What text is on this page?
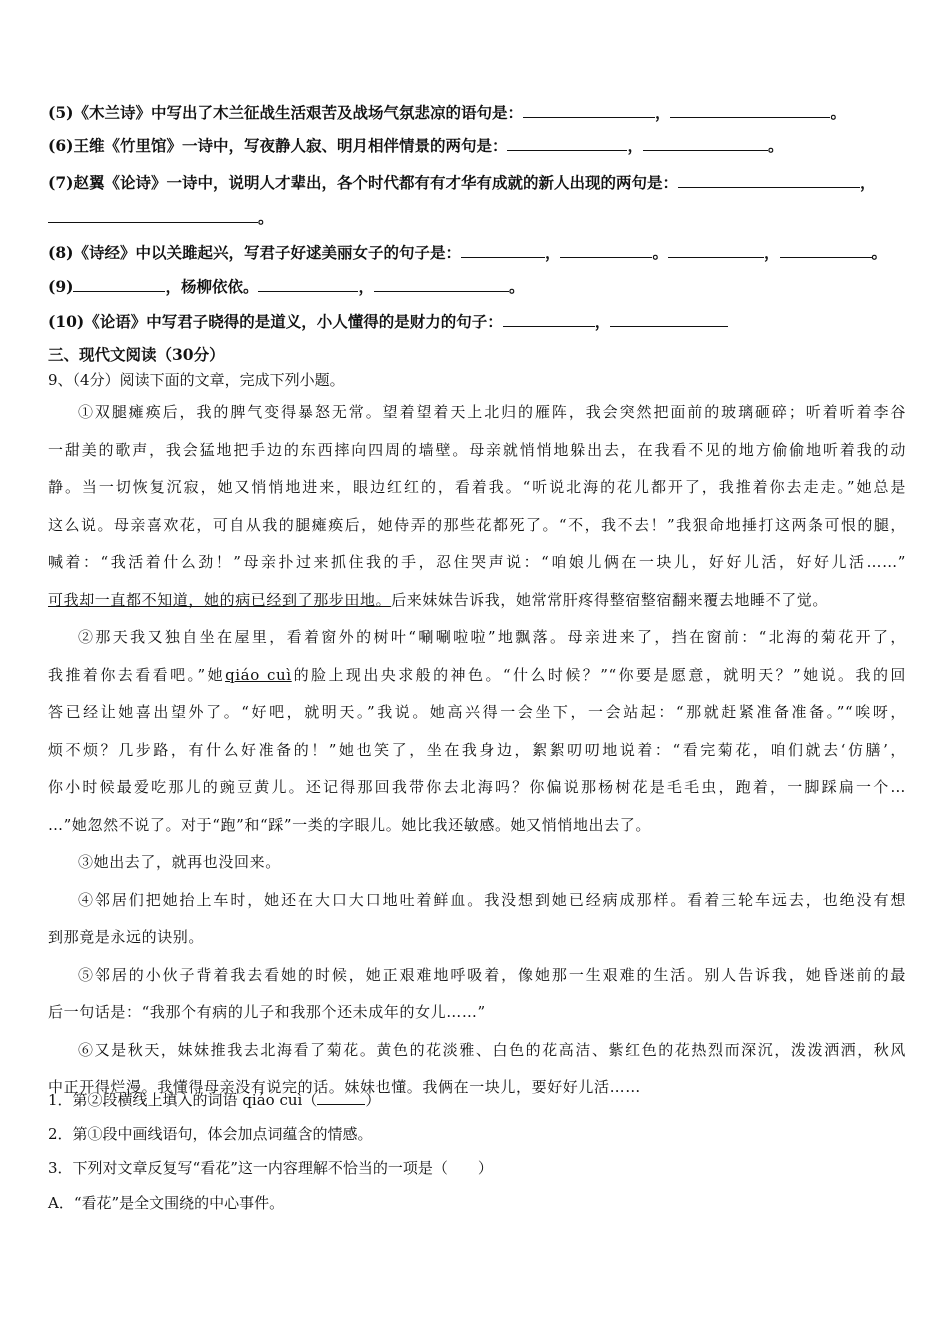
(5)《木兰诗》中写出了木兰征战生活艰苦及战场气氛悲凉的语句是：	，	。
(6)王维《竹里馆》一诗中，写夜静人寂、明月相伴情景的两句是：	，	。
(7)赵翼《论诗》一诗中，说明人才辈出，各个时代都有有才华有成就的新人出现的两句是：	，
。
(8)《诗经》中以关雎起兴，写君子好逑美丽女子的句子是：	，	。	，	。
(9)	，杨柳依依。	，	。
(10)《论语》中写君子晓得的是道义，小人懂得的是财力的句子：	，
三、现代文阅读（30分）
9、（4分）阅读下面的文章，完成下列小题。
①双腿瘫痪后，我的脾气变得暴怒无常。望着望着天上北归的雁阵，我会突然把面前的玻璃砸碎；听着听着李谷
一甜美的歌声，我会猛地把手边的东西摔向四周的墙壁。母亲就悄悄地躲出去，在我看不见的地方偷偷地听着我的动
静。当一切恢复沉寂，她又悄悄地进来，眼边红红的，看着我。“听说北海的花儿都开了，我推着你去走走。”她总是
这么说。母亲喜欢花，可自从我的腿瘫痪后，她侍弄的那些花都死了。“不，我不去！”我狠命地捶打这两条可恨的腿，
喊着：“我活着什么劲！”母亲扑过来抓住我的手，忍住哭声说：“咱娘儿俩在一块儿，好好儿活，好好儿活……”
可我却一直都不知道，她的病已经到了那步田地。后来妹妹告诉我，她常常肝疼得整宿整宿翻来覆去地睡不了觉。
②那天我又独自坐在屋里，看着窗外的树叶“唰唰啦啦”地飘落。母亲进来了，挡在窗前：“北海的菊花开了，
我推着你去看看吧。”她qiáo cuì的脸上现出央求般的神色。“什么时候？”“你要是愿意，就明天？”她说。我的回
答已经让她喜出望外了。“好吧，就明天。”我说。她高兴得一会坐下，一会站起：“那就赶紧准备准备。”“唉呀，
烦不烦？几步路，有什么好准备的！”她也笑了，坐在我身边，絮絮叨叨地说着：“看完菊花，咱们就去‘仿膳’，
你小时候最爱吃那儿的豌豆黄儿。还记得那回我带你去北海吗？你偏说那杨树花是毛毛虫，跑着，一脚踩扁一个…
…”她忽然不说了。对于“跑”和“踩”一类的字眼儿。她比我还敏感。她又悄悄地出去了。
③她出去了，就再也没回来。
④邻居们把她抬上车时，她还在大口大口地吐着鲜血。我没想到她已经病成那样。看着三轮车远去，也绝没有想
到那竟是永远的诀别。
⑤邻居的小伙子背着我去看她的时候，她正艰难地呼吸着，像她那一生艰难的生活。别人告诉我，她昏迷前的最
后一句话是：“我那个有病的儿子和我那个还未成年的女儿……”
⑥又是秋天，妹妹推我去北海看了菊花。黄色的花淡雅、白色的花高洁、紫红色的花热烈而深沉，泼泼洒洒，秋风
中正开得烂漫。我懂得母亲没有说完的话。妹妹也懂。我俩在一块儿，要好好儿活……
1．第②段横线上填入的词语 qiáo cuì（	）
2．第①段中画线语句，体会加点词蕴含的情感。
3．下列对文章反复写“看花”这一内容理解不恰当的一项是（　　）
A．“看花”是全文围绕的中心事件。
